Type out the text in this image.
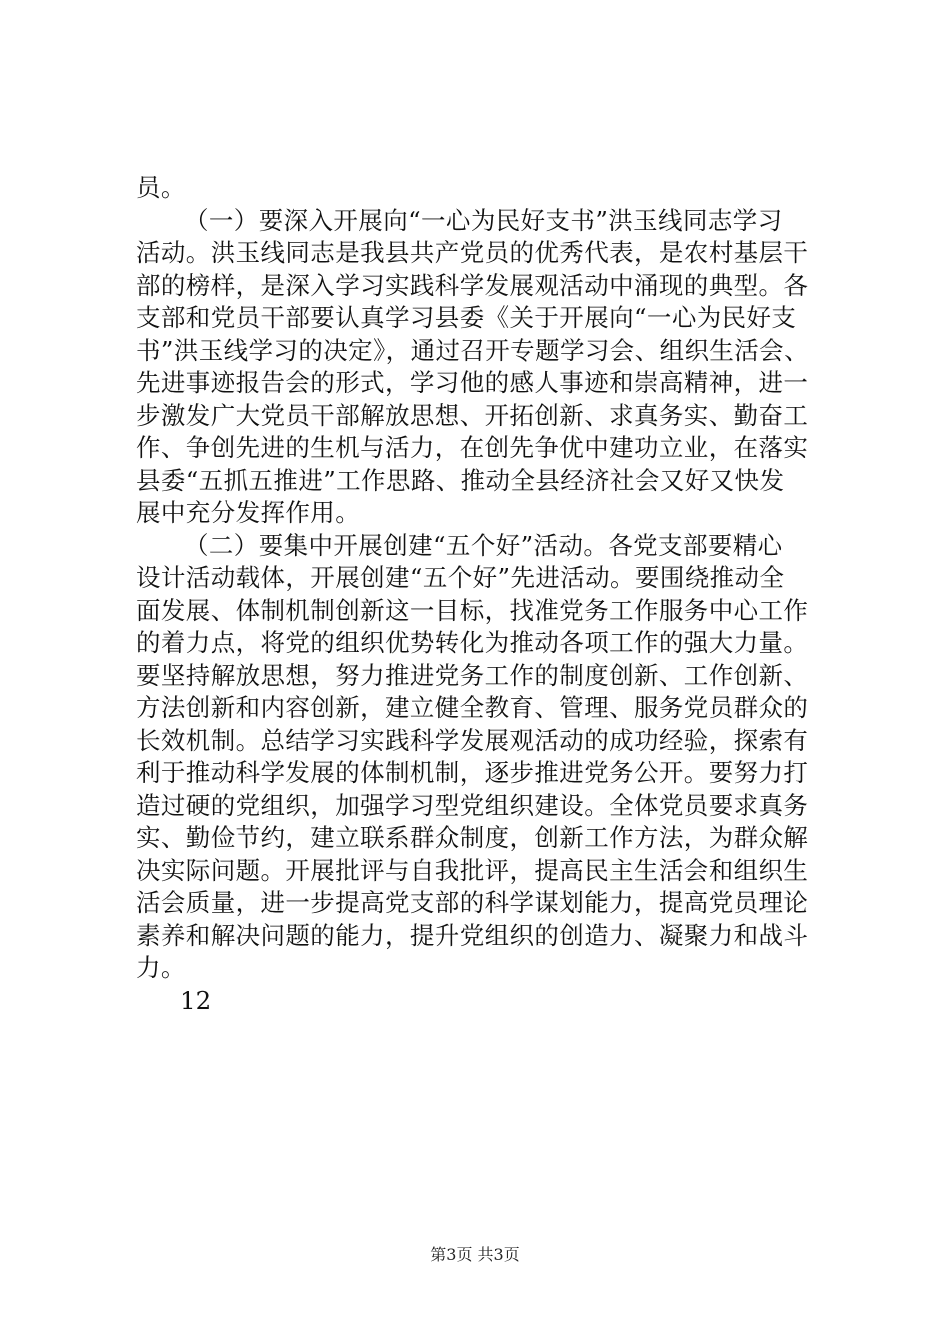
员。
（一）要深入开展向“一心为民好支书”洪玉线同志学习
活动。洪玉线同志是我县共产党员的优秀代表，是农村基层干
部的榜样，是深入学习实践科学发展观活动中涌现的典型。各
支部和党员干部要认真学习县委《关于开展向“一心为民好支
书”洪玉线学习的决定》，通过召开专题学习会、组织生活会、
先进事迹报告会的形式，学习他的感人事迹和崇高精神，进一
步激发广大党员干部解放思想、开拓创新、求真务实、勤奋工
作、争创先进的生机与活力，在创先争优中建功立业，在落实
县委“五抓五推进”工作思路、推动全县经济社会又好又快发
展中充分发挥作用。
（二）要集中开展创建“五个好”活动。各党支部要精心
设计活动载体，开展创建“五个好”先进活动。要围绕推动全
面发展、体制机制创新这一目标，找准党务工作服务中心工作
的着力点，将党的组织优势转化为推动各项工作的强大力量。
要坚持解放思想，努力推进党务工作的制度创新、工作创新、
方法创新和内容创新，建立健全教育、管理、服务党员群众的
长效机制。总结学习实践科学发展观活动的成功经验，探索有
利于推动科学发展的体制机制，逐步推进党务公开。要努力打
造过硬的党组织，加强学习型党组织建设。全体党员要求真务
实、勤俭节约，建立联系群众制度，创新工作方法，为群众解
决实际问题。开展批评与自我批评，提高民主生活会和组织生
活会质量，进一步提高党支部的科学谋划能力，提高党员理论
素养和解决问题的能力，提升党组织的创造力、凝聚力和战斗
力。
12
第3页 共3页
